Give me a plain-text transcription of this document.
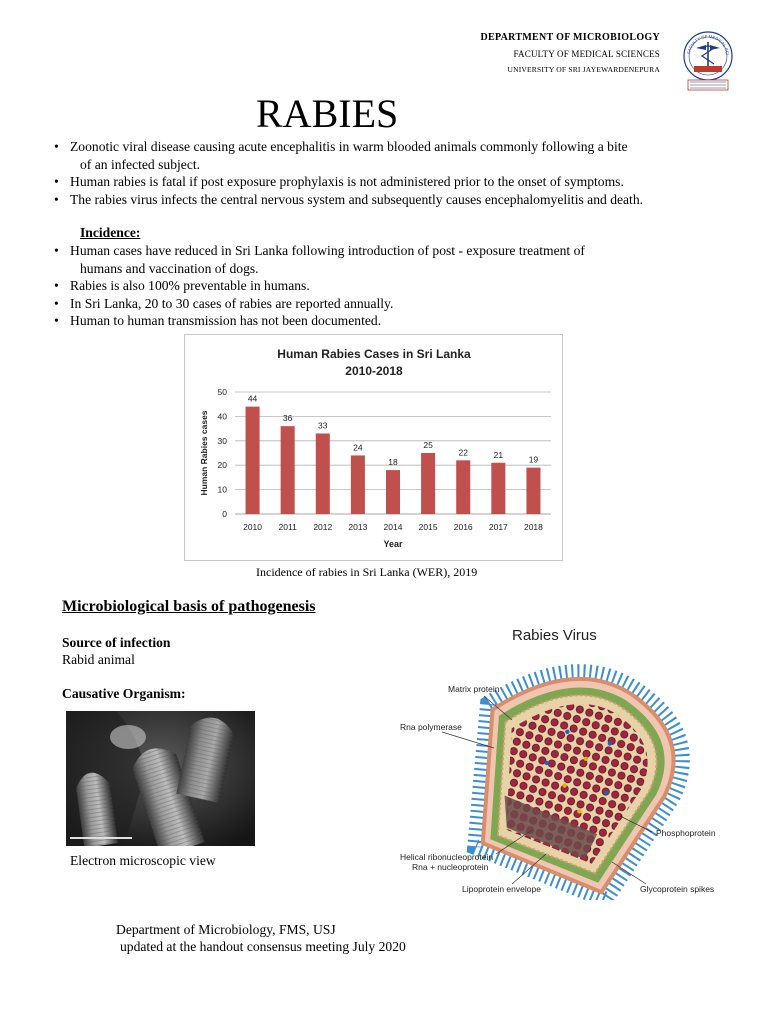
DEPARTMENT OF MICROBIOLOGY
FACULTY OF MEDICAL SCIENCES
UNIVERSITY OF SRI JAYEWARDENEPURA
FACULTY OF MEDICAL SCI
RABIES
• Zoonotic viral disease causing acute encephalitis in warm blooded animals commonly following a bite
of an infected subject.
• Human rabies is fatal if post exposure prophylaxis is not administered prior to the onset of symptoms.
• The rabies virus infects the central nervous system and subsequently causes encephalomyelitis and death.
Incidence:
• Human cases have reduced in Sri Lanka following introduction of post - exposure treatment of
humans and vaccination of dogs.
• Rabies is also 100% preventable in humans.
• In Sri Lanka, 20 to 30 cases of rabies are reported annually.
• Human to human transmission has not been documented.
Human Rabies Cases in Sri Lanka
2010-2018
0
10
20
30
40
50
44
2010
36
2011
33
2012
24
2013
18
2014
25
2015
22
2016
21
2017
19
2018
Year
Human Rabies cases
Incidence of rabies in Sri Lanka (WER), 2019
Microbiological basis of pathogenesis
Source of infection
Rabid animal
Causative Organism:
Electron microscopic view
Rabies Virus
Matrix protein
Rna polymerase
Phosphoprotein
Helical ribonucleoprotein
Rna + nucleoprotein
Lipoprotein envelope	Glycoprotein spikes
Department of Microbiology, FMS, USJ
updated at the handout consensus meeting July 2020
